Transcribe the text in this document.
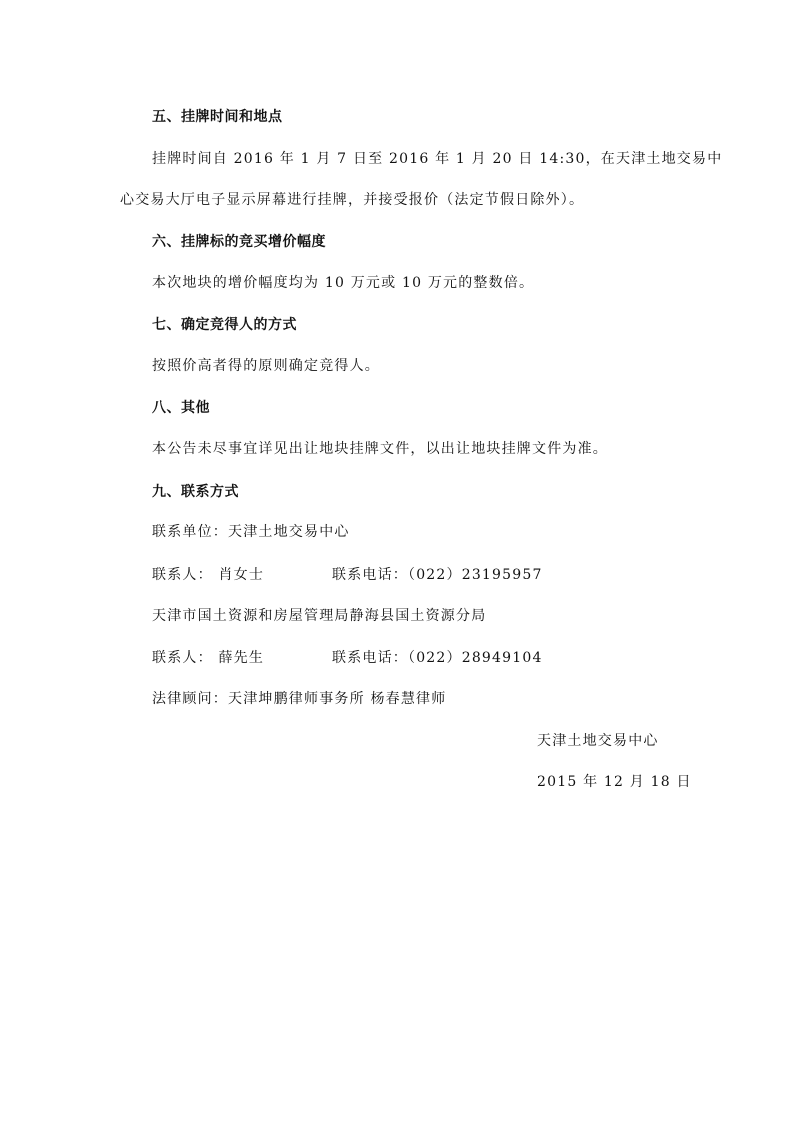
五、挂牌时间和地点
挂牌时间自 2016 年 1 月 7 日至 2016 年 1 月 20 日 14:30，在天津土地交易中
心交易大厅电子显示屏幕进行挂牌，并接受报价（法定节假日除外）。
六、挂牌标的竞买增价幅度
本次地块的增价幅度均为 10 万元或 10 万元的整数倍。
七、确定竞得人的方式
按照价高者得的原则确定竞得人。
八、其他
本公告未尽事宜详见出让地块挂牌文件，以出让地块挂牌文件为准。
九、联系方式
联系单位：天津土地交易中心
联系人： 肖女士	联系电话：（022）23195957
天津市国土资源和房屋管理局静海县国土资源分局
联系人： 薛先生	联系电话：（022）28949104
法律顾问：天津坤鹏律师事务所 杨春慧律师
天津土地交易中心
2015 年 12 月 18 日
